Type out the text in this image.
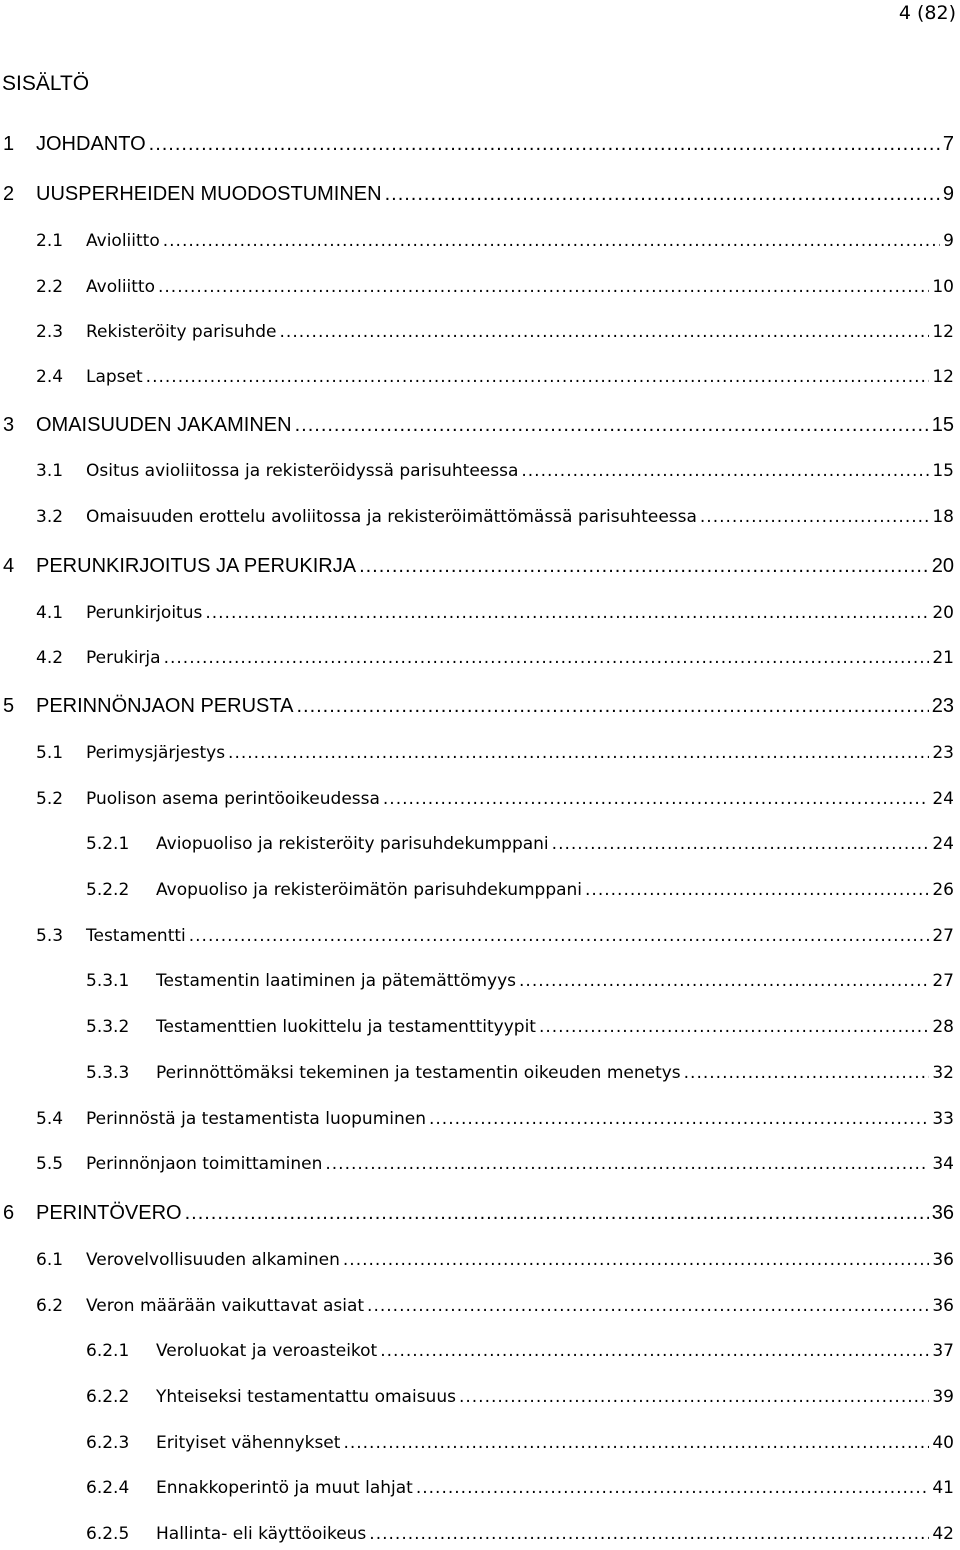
4 (82)
SISÄLTÖ
1	JOHDANTO .....	7
2	UUSPERHEIDEN MUODOSTUMINEN .....	9
2.1	Avioliitto .....	9
2.2	Avoliitto .....	10
2.3	Rekisteröity parisuhde .....	12
2.4	Lapset .....	12
3	OMAISUUDEN JAKAMINEN .....	15
3.1	Ositus avioliitossa ja rekisteröidyssä parisuhteessa .....	15
3.2	Omaisuuden erottelu avoliitossa ja rekisteröimättömässä parisuhteessa .....	18
4	PERUNKIRJOITUS JA PERUKIRJA .....	20
4.1	Perunkirjoitus .....	20
4.2	Perukirja .....	21
5	PERINNÖNJAON PERUSTA .....	23
5.1	Perimysjärjestys .....	23
5.2	Puolison asema perintöoikeudessa .....	24
5.2.1	Aviopuoliso ja rekisteröity parisuhdekumppani .....	24
5.2.2	Avopuoliso ja rekisteröimätön parisuhdekumppani .....	26
5.3	Testamentti .....	27
5.3.1	Testamentin laatiminen ja pätemättömyys .....	27
5.3.2	Testamenttien luokittelu ja testamenttityypit .....	28
5.3.3	Perinnöttömäksi tekeminen ja testamentin oikeuden menetys .....	32
5.4	Perinnöstä ja testamentista luopuminen .....	33
5.5	Perinnönjaon toimittaminen .....	34
6	PERINTÖVERO .....	36
6.1	Verovelvollisuuden alkaminen .....	36
6.2	Veron määrään vaikuttavat asiat .....	36
6.2.1	Veroluokat ja veroasteikot .....	37
6.2.2	Yhteiseksi testamentattu omaisuus .....	39
6.2.3	Erityiset vähennykset .....	40
6.2.4	Ennakkoperintö ja muut lahjat .....	41
6.2.5	Hallinta- eli käyttöoikeus .....	42
